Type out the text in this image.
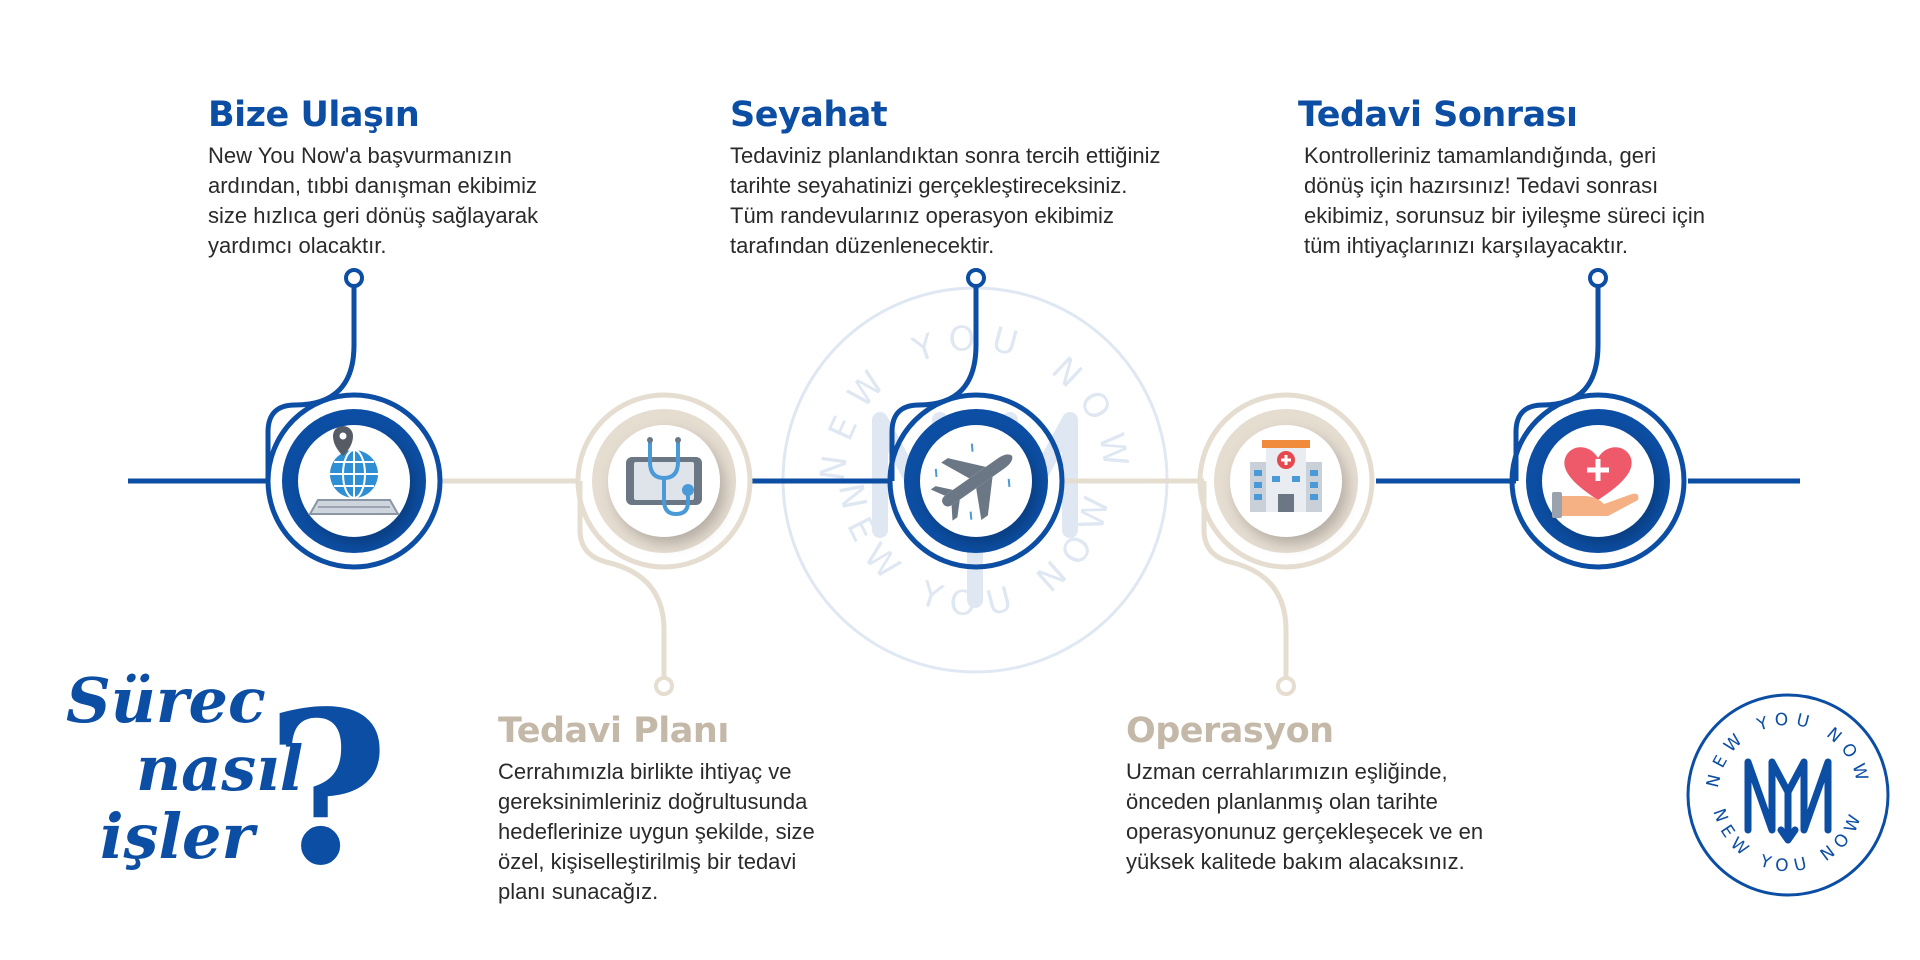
NEW YOU NOW
NEW YOU NOW
Sürec
nasıl
işler ?	NEW YOU NOW
NEW YOU NOW
Bize Ulaşın

New You Now'a başvurmanızın
ardından, tıbbi danışman ekibimiz
size hızlıca geri dönüş sağlayarak
yardımcı olacaktır.

Seyahat

Tedaviniz planlandıktan sonra tercih ettiğiniz
tarihte seyahatinizi gerçekleştireceksiniz.
Tüm randevularınız operasyon ekibimiz
tarafından düzenlenecektir.

Tedavi Sonrası

Kontrolleriniz tamamlandığında, geri
dönüş için hazırsınız! Tedavi sonrası
ekibimiz, sorunsuz bir iyileşme süreci için
tüm ihtiyaçlarınızı karşılayacaktır.

Tedavi Planı

Cerrahımızla birlikte ihtiyaç ve
gereksinimleriniz doğrultusunda
hedeflerinize uygun şekilde, size
özel, kişiselleştirilmiş bir tedavi
planı sunacağız.

Operasyon

Uzman cerrahlarımızın eşliğinde,
önceden planlanmış olan tarihte
operasyonunuz gerçekleşecek ve en
yüksek kalitede bakım alacaksınız.
